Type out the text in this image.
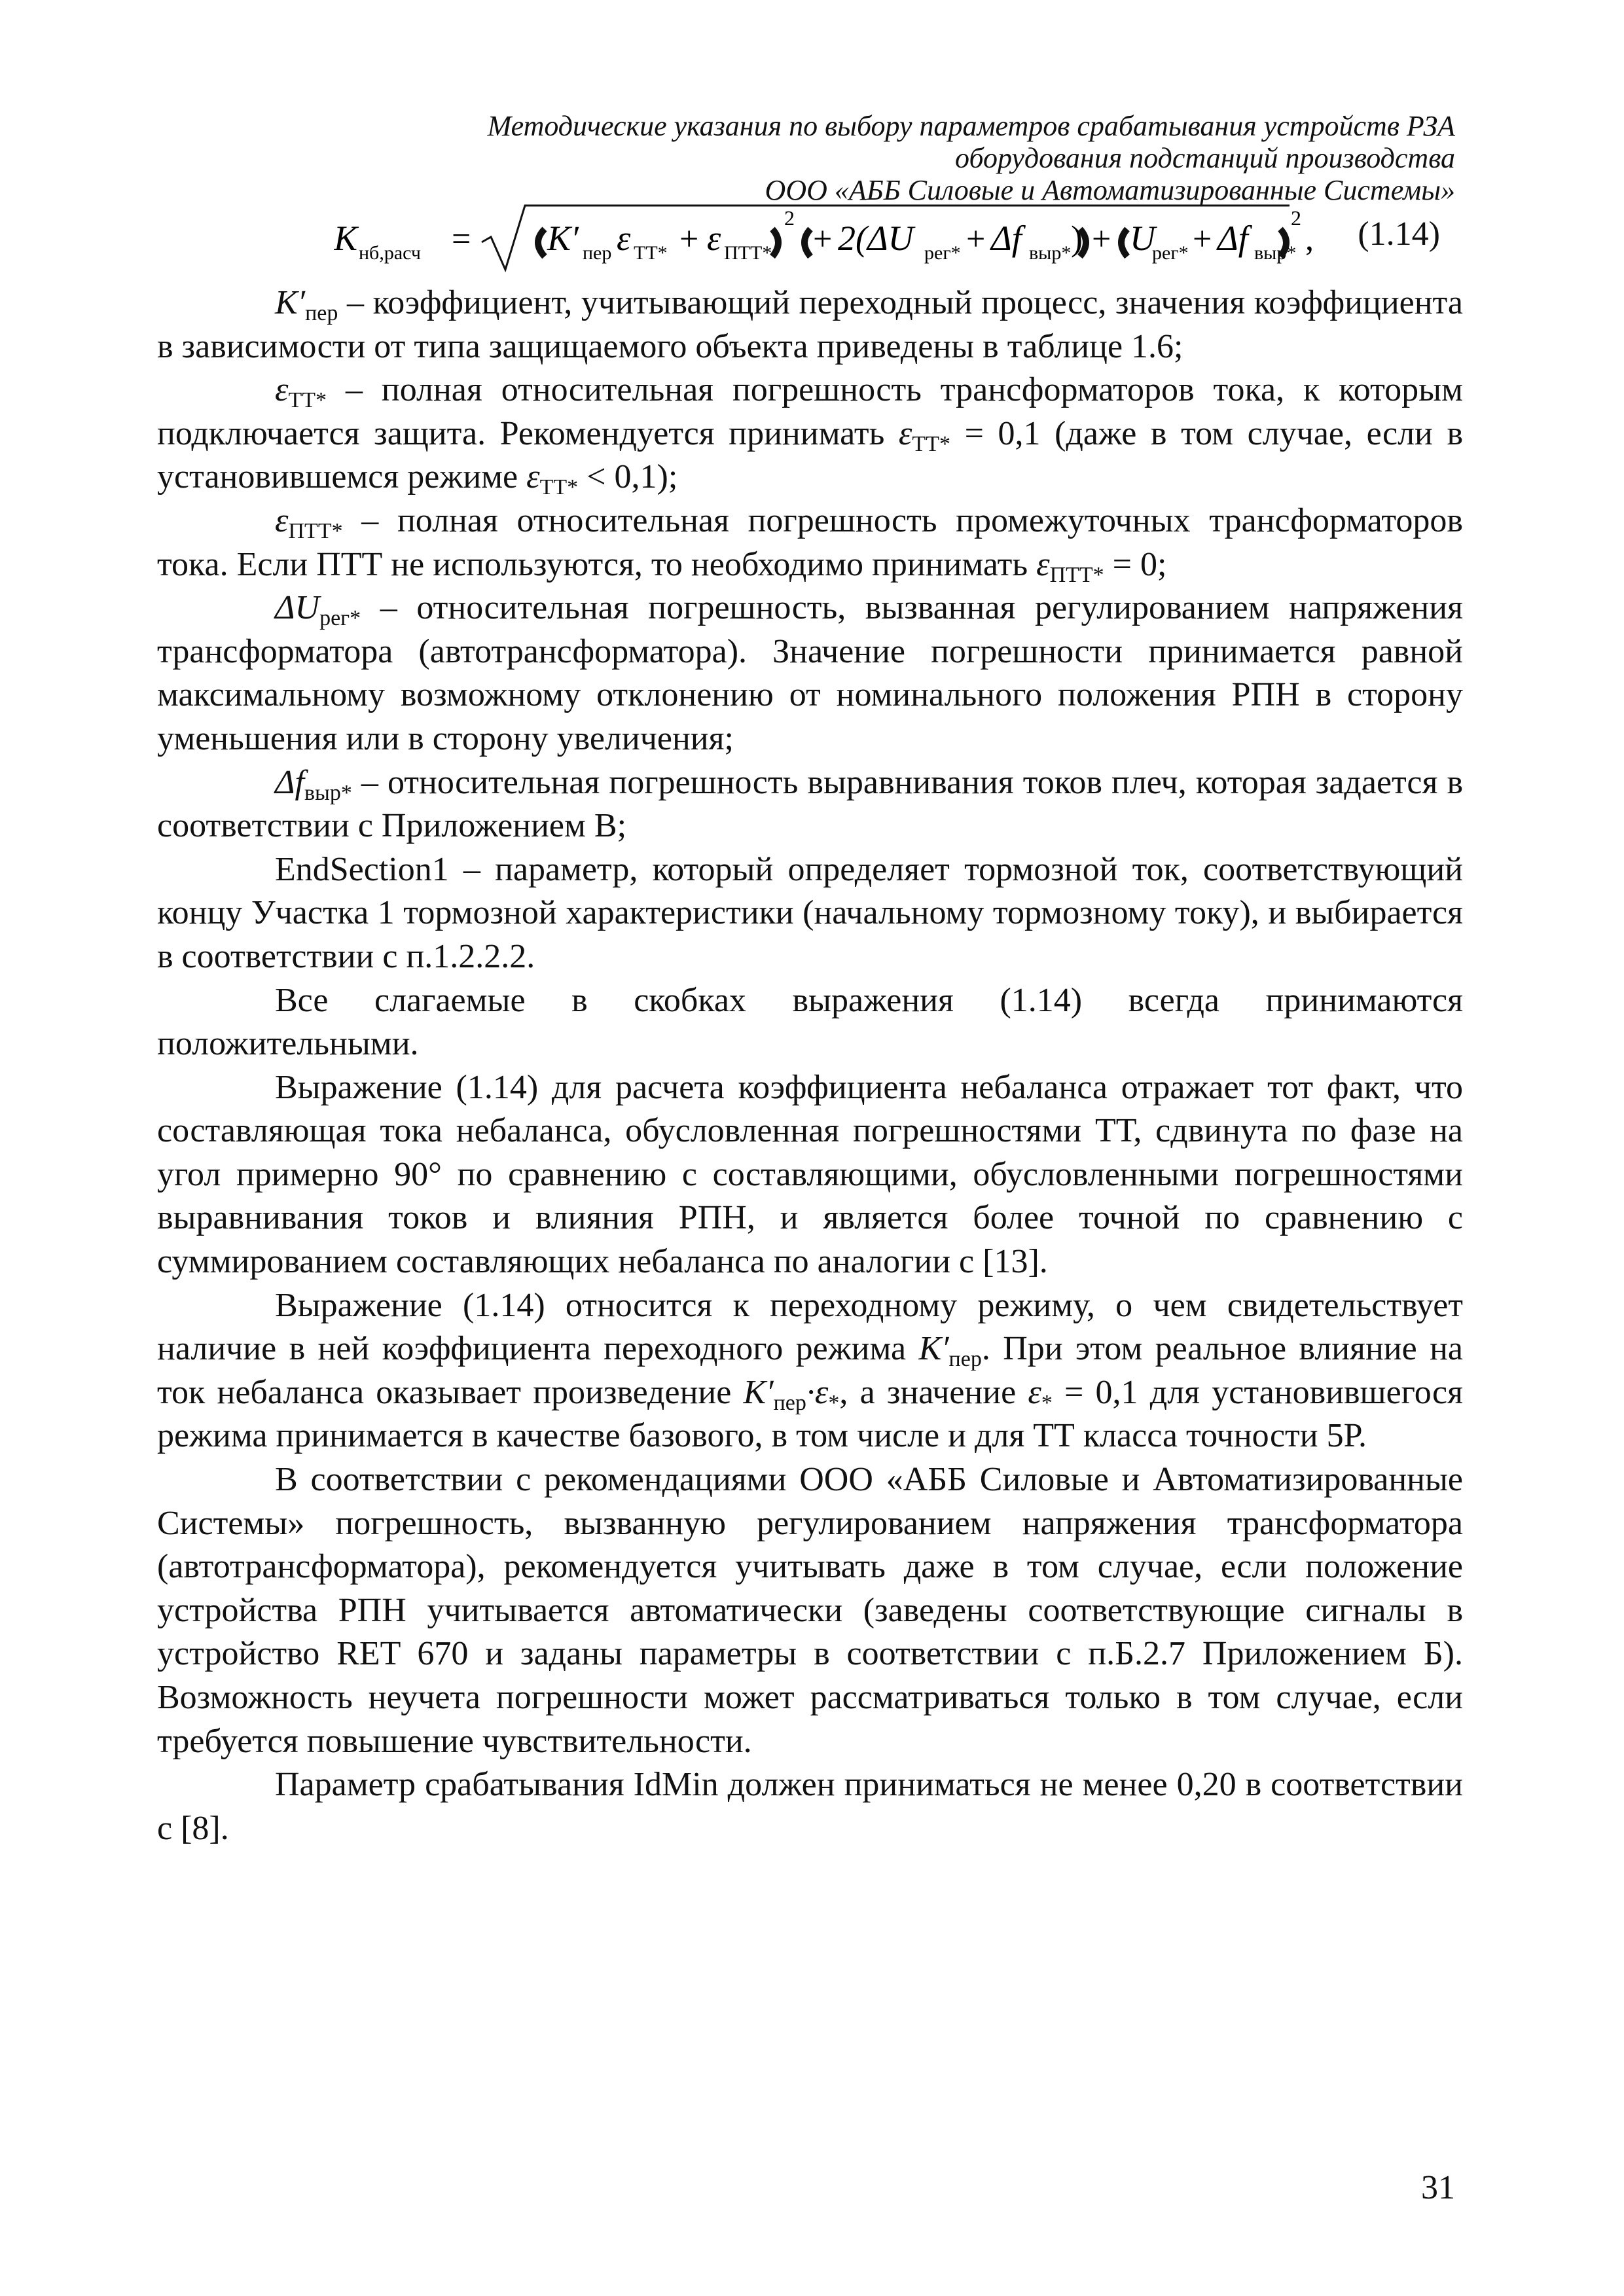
Методические указания по выбору параметров срабатывания устройств РЗА
оборудования подстанций производства
ООО «АББ Силовые и Автоматизированные Системы»
K нб,расч = K′ пер ε TT* + ε ПТТ*
2
+ 2(ΔU рег* + Δf выр* ) + U
рег* + Δf выр*
2
, (1.14)

$K'_{пер}$ – коэффициент, учитывающий переходный процесс, значения коэффициента в зависимости от типа защищаемого объекта приведены в таблице 1.6;

$\varepsilon_{TT*}$ – полная относительная погрешность трансформаторов тока, к которым подключается защита. Рекомендуется принимать $\varepsilon_{TT*} = 0,1$ (даже в том случае, если в установившемся режиме $\varepsilon_{TT*} < 0,1$);

$\varepsilon_{ПТТ*}$ – полная относительная погрешность промежуточных трансформаторов тока. Если ПТТ не используются, то необходимо принимать $\varepsilon_{ПТТ*} = 0$;

$\Delta U_{рег*}$ – относительная погрешность, вызванная регулированием напряжения трансформатора (автотрансформатора). Значение погрешности принимается равной максимальному возможному отклонению от номинального положения РПН в сторону уменьшения или в сторону увеличения;

$\Delta f_{выр*}$ – относительная погрешность выравнивания токов плеч, которая задается в соответствии с Приложением В;

EndSection1 – параметр, который определяет тормозной ток, соответствующий концу Участка 1 тормозной характеристики (начальному тормозному току), и выбирается в соответствии с п.1.2.2.2.

Все слагаемые в скобках выражения (1.14) всегда принимаются положительными.

Выражение (1.14) для расчета коэффициента небаланса отражает тот факт, что составляющая тока небаланса, обусловленная погрешностями ТТ, сдвинута по фазе на угол примерно 90° по сравнению с составляющими, обусловленными погрешностями выравнивания токов и влияния РПН, и является более точной по сравнению с суммированием составляющих небаланса по аналогии с [13].

Выражение (1.14) относится к переходному режиму, о чем свидетельствует наличие в ней коэффициента переходного режима $K'_{пер}$. При этом реальное влияние на ток небаланса оказывает произведение $K'_{пер}\cdot\varepsilon_*$, а значение $\varepsilon_* = 0,1$ для установившегося режима принимается в качестве базового, в том числе и для ТТ класса точности 5Р.

В соответствии с рекомендациями ООО «АББ Силовые и Автоматизированные Системы» погрешность, вызванную регулированием напряжения трансформатора (автотрансформатора), рекомендуется учитывать даже в том случае, если положение устройства РПН учитывается автоматически (заведены соответствующие сигналы в устройство RET 670 и заданы параметры в соответствии с п.Б.2.7 Приложением Б). Возможность неучета погрешности может рассматриваться только в том случае, если требуется повышение чувствительности.

Параметр срабатывания IdMin должен приниматься не менее 0,20 в соответствии с [8].

31
